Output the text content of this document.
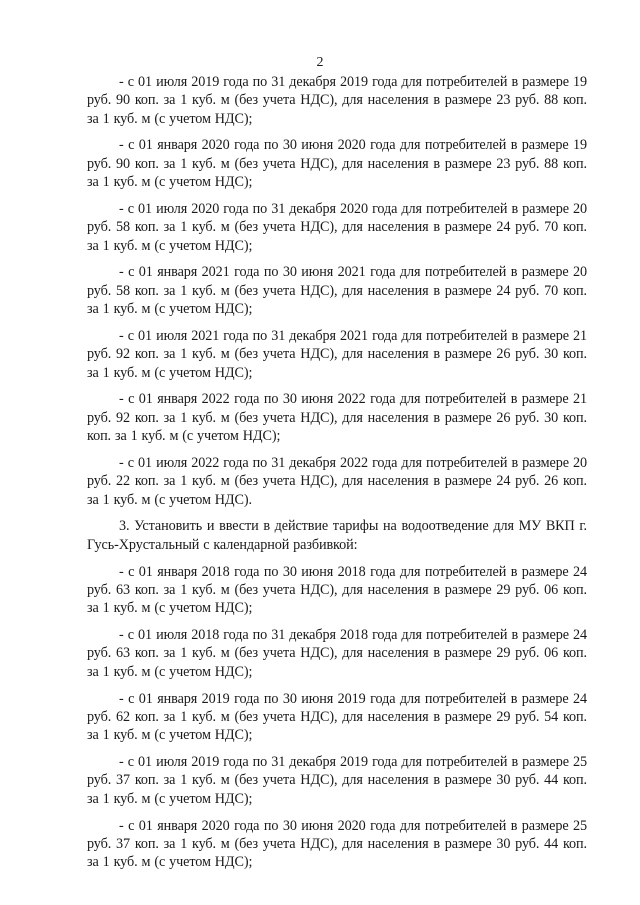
2

- с 01 июля 2019 года по 31 декабря 2019 года для потребителей в размере 19 руб. 90 коп. за 1 куб. м (без учета НДС), для населения в размере 23 руб. 88 коп. за 1 куб. м (с учетом НДС);

- с 01 января 2020 года по 30 июня 2020 года для потребителей в размере 19 руб. 90 коп. за 1 куб. м (без учета НДС), для населения в размере 23 руб. 88 коп. за 1 куб. м (с учетом НДС);

- с 01 июля 2020 года по 31 декабря 2020 года для потребителей в размере 20 руб. 58 коп. за 1 куб. м (без учета НДС), для населения в размере 24 руб. 70 коп. за 1 куб. м (с учетом НДС);

- с 01 января 2021 года по 30 июня 2021 года для потребителей в размере 20 руб. 58 коп. за 1 куб. м (без учета НДС), для населения в размере 24 руб. 70 коп. за 1 куб. м (с учетом НДС);

- с 01 июля 2021 года по 31 декабря 2021 года для потребителей в размере 21 руб. 92 коп. за 1 куб. м (без учета НДС), для населения в размере 26 руб. 30 коп. за 1 куб. м (с учетом НДС);

- с 01 января 2022 года по 30 июня 2022 года для потребителей в размере 21 руб. 92 коп. за 1 куб. м (без учета НДС), для населения в размере 26 руб. 30 коп. коп. за 1 куб. м (с учетом НДС);

- с 01 июля 2022 года по 31 декабря 2022 года для потребителей в размере 20 руб. 22 коп. за 1 куб. м (без учета НДС), для населения в размере 24 руб. 26 коп. за 1 куб. м (с учетом НДС).

3. Установить и ввести в действие тарифы на водоотведение для МУ ВКП г. Гусь-Хрустальный с календарной разбивкой:

- с 01 января 2018 года по 30 июня 2018 года для потребителей в размере 24 руб. 63 коп. за 1 куб. м (без учета НДС), для населения в размере 29 руб. 06 коп. за 1 куб. м (с учетом НДС);

- с 01 июля 2018 года по 31 декабря 2018 года для потребителей в размере 24 руб. 63 коп. за 1 куб. м (без учета НДС), для населения в размере 29 руб. 06 коп. за 1 куб. м (с учетом НДС);

- с 01 января 2019 года по 30 июня 2019 года для потребителей в размере 24 руб. 62 коп. за 1 куб. м (без учета НДС), для населения в размере 29 руб. 54 коп. за 1 куб. м (с учетом НДС);

- с 01 июля 2019 года по 31 декабря 2019 года для потребителей в размере 25 руб. 37 коп. за 1 куб. м (без учета НДС), для населения в размере 30 руб. 44 коп. за 1 куб. м (с учетом НДС);

- с 01 января 2020 года по 30 июня 2020 года для потребителей в размере 25 руб. 37 коп. за 1 куб. м (без учета НДС), для населения в размере 30 руб. 44 коп. за 1 куб. м (с учетом НДС);
